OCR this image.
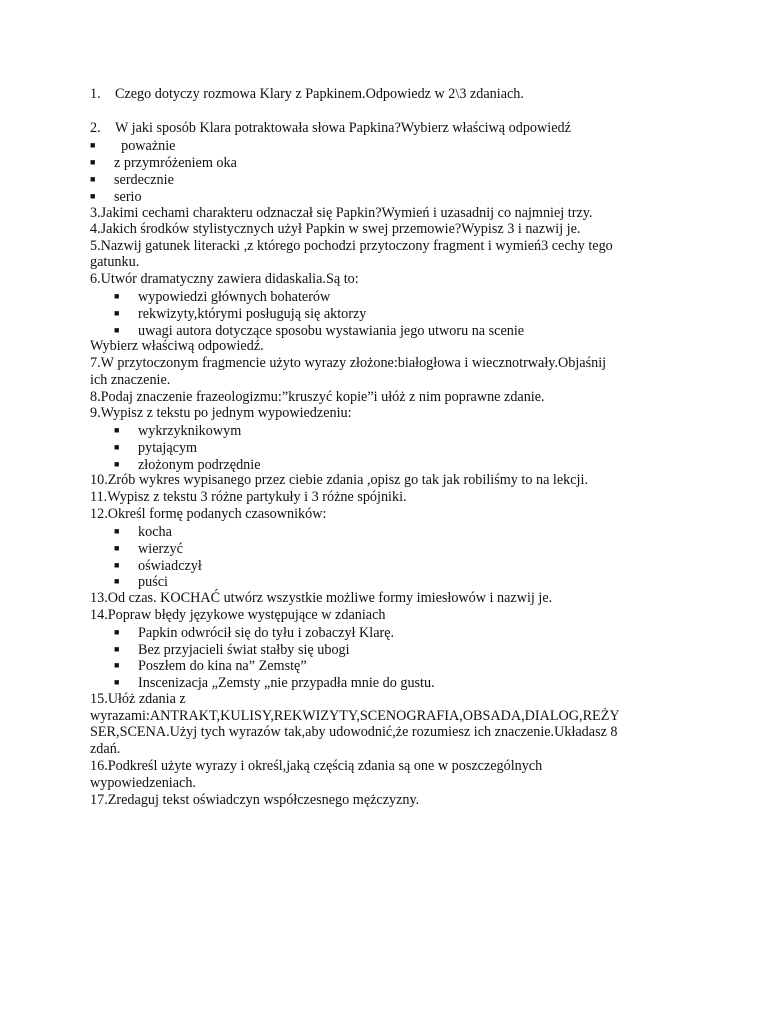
1. Czego dotyczy rozmowa Klary z Papkinem.Odpowiedz w 2\3 zdaniach.
2. W jaki sposób Klara potraktowała słowa Papkina?Wybierz właściwą odpowiedź
■  poważnie
■ z przymróżeniem oka
■ serdecznie
■ serio
3.Jakimi cechami charakteru odznaczał się Papkin?Wymień i uzasadnij co najmniej trzy.
4.Jakich środków stylistycznych użył Papkin w swej przemowie?Wypisz 3 i nazwij je.
5.Nazwij gatunek literacki ,z którego pochodzi przytoczony fragment i wymień3 cechy tego
gatunku.
6.Utwór dramatyczny zawiera didaskalia.Są to:
■ wypowiedzi głównych bohaterów
■ rekwizyty,którymi posługują się aktorzy
■ uwagi autora dotyczące sposobu wystawiania jego utworu na scenie
Wybierz właściwą odpowiedź.
7.W przytoczonym fragmencie użyto wyrazy złożone:białogłowa i wiecznotrwały.Objaśnij
ich znaczenie.
8.Podaj znaczenie frazeologizmu:”kruszyć kopie”i ułóż z nim poprawne zdanie.
9.Wypisz z tekstu po jednym wypowiedzeniu:
■ wykrzyknikowym
■ pytającym
■ złożonym podrzędnie
10.Zrób wykres wypisanego przez ciebie zdania ,opisz go tak jak robiliśmy to na lekcji.
11.Wypisz z tekstu 3 różne partykuły i 3 różne spójniki.
12.Określ formę podanych czasowników:
■ kocha
■ wierzyć
■ oświadczył
■ puści
13.Od czas. KOCHAĆ utwórz wszystkie możliwe formy imiesłowów i nazwij je.
14.Popraw błędy językowe występujące w zdaniach
■ Papkin odwrócił się do tyłu i zobaczył Klarę.
■ Bez przyjacieli świat stałby się ubogi
■ Poszłem do kina na” Zemstę”
■ Inscenizacja „Zemsty „nie przypadła mnie do gustu.
15.Ułóż zdania z
wyrazami:ANTRAKT,KULISY,REKWIZYTY,SCENOGRAFIA,OBSADA,DIALOG,REŻY
SER,SCENA.Użyj tych wyrazów tak,aby udowodnić,że rozumiesz ich znaczenie.Układasz 8
zdań.
16.Podkreśl użyte wyrazy i określ,jaką częścią zdania są one w poszczególnych
wypowiedzeniach.
17.Zredaguj tekst oświadczyn współczesnego mężczyzny.
